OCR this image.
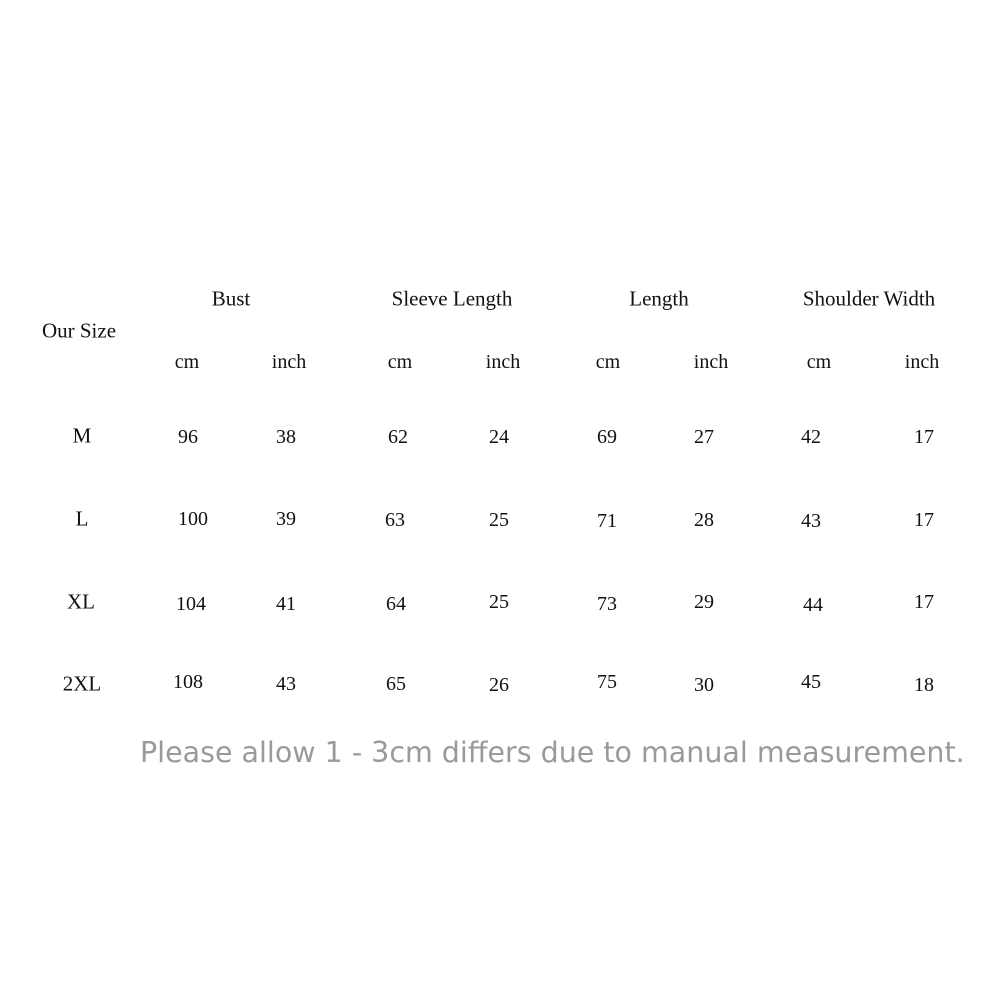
Our Size
Bust	Sleeve Length	Length	Shoulder Width
cm	inch	cm	inch	cm	inch	cm	inch
M	96	38	62	24	69	27	42	17
L	100	39	63	25	71	28	43	17
XL	104	41	64	25	73	29	44	17
2XL	108	43	65	26	75	30	45	18
Please allow 1 - 3cm differs due to manual measurement.
